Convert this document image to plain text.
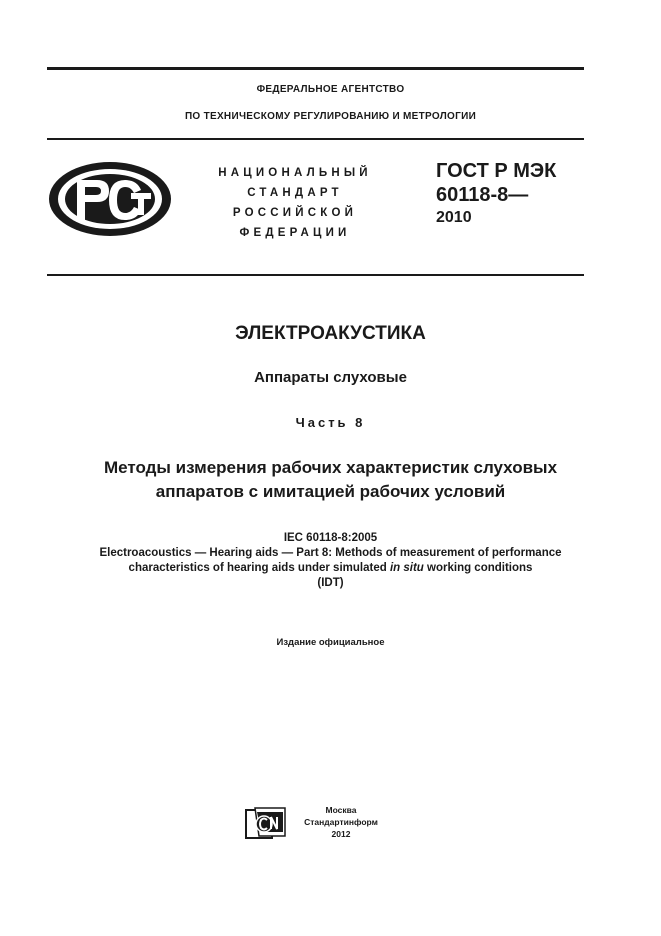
ФЕДЕРАЛЬНОЕ АГЕНТСТВО
ПО ТЕХНИЧЕСКОМУ РЕГУЛИРОВАНИЮ И МЕТРОЛОГИИ
НАЦИОНАЛЬНЫЙ
СТАНДАРТ
РОССИЙСКОЙ
ФЕДЕРАЦИИ
ГОСТ Р МЭК
60118-8—
2010
ЭЛЕКТРОАКУСТИКА
Аппараты слуховые
Часть 8
Методы измерения рабочих характеристик слуховых
аппаратов с имитацией рабочих условий
IEC 60118-8:2005
Electroacoustics — Hearing aids — Part 8: Methods of measurement of performance
characteristics of hearing aids under simulated in situ working conditions
(IDT)
Издание официальное
Москва
Стандартинформ
2012
